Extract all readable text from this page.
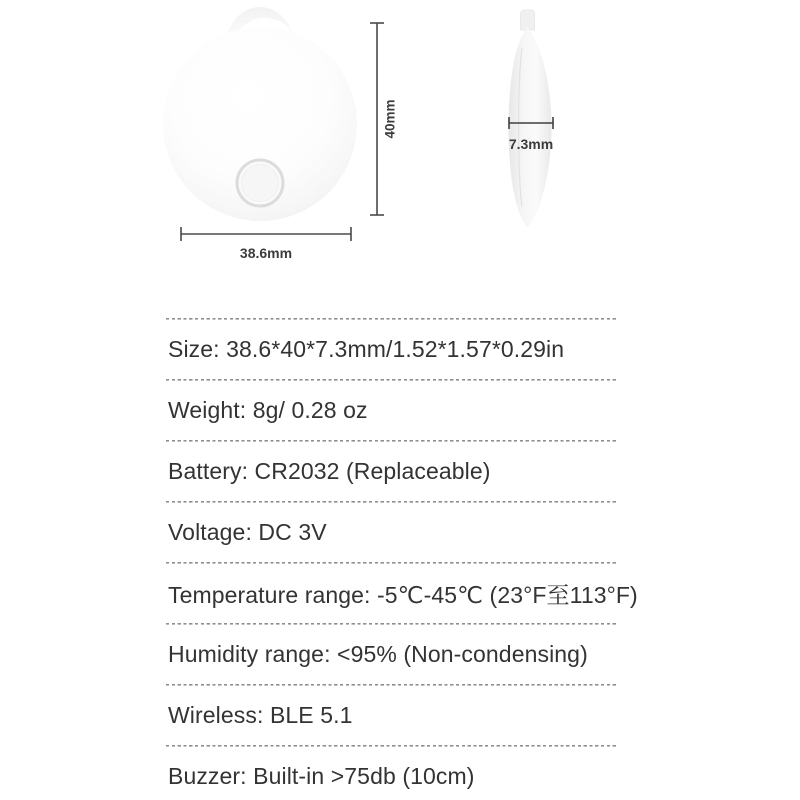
40mm
38.6mm
7.3mm
Size: 38.6*40*7.3mm/1.52*1.57*0.29in
Weight: 8g/ 0.28 oz
Battery: CR2032 (Replaceable)
Voltage: DC 3V
Temperature range: -5℃-45℃ (23°F至113°F)
Humidity range: <95% (Non-condensing)
Wireless: BLE 5.1
Buzzer: Built-in >75db (10cm)
